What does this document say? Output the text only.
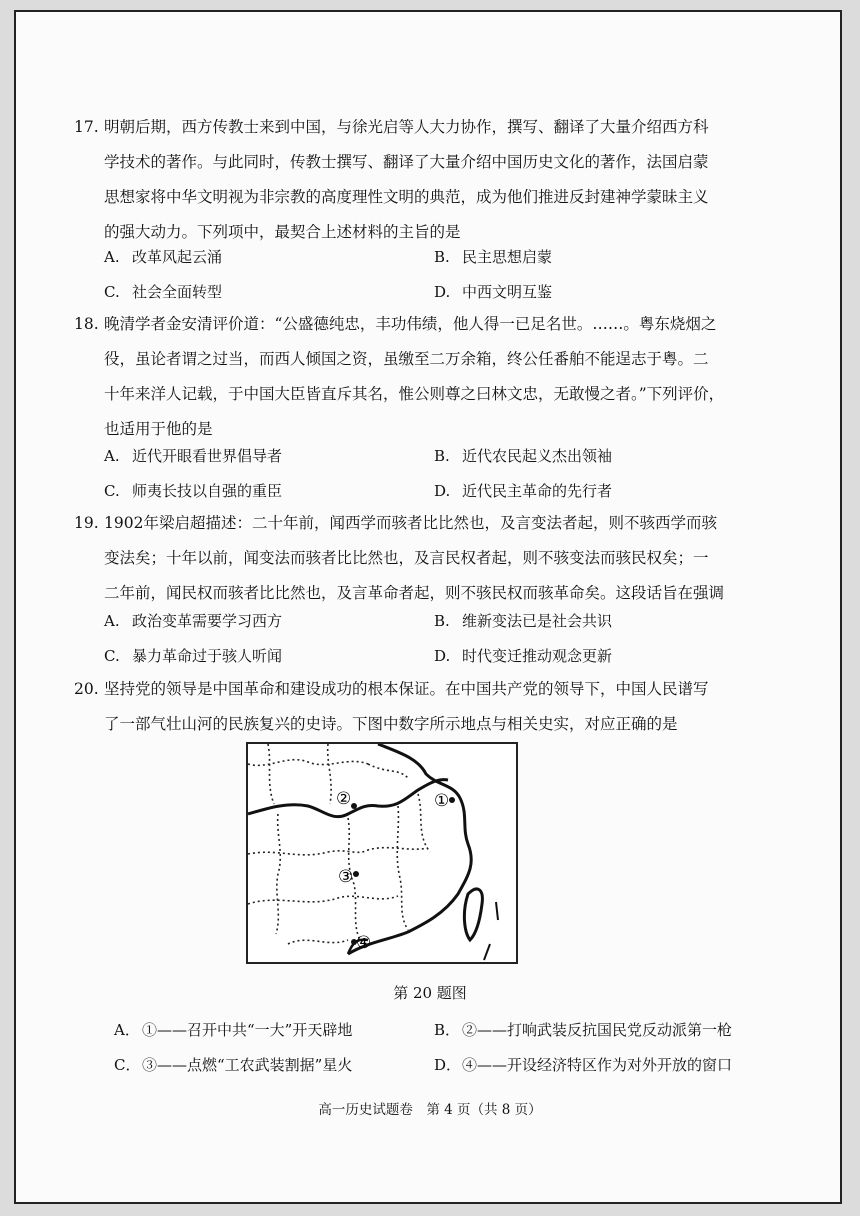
17. 明朝后期，西方传教士来到中国，与徐光启等人大力协作，撰写、翻译了大量介绍西方科
学技术的著作。与此同时，传教士撰写、翻译了大量介绍中国历史文化的著作，法国启蒙
思想家将中华文明视为非宗教的高度理性文明的典范，成为他们推进反封建神学蒙昧主义
的强大动力。下列项中，最契合上述材料的主旨的是
A. 改革风起云涌	B. 民主思想启蒙
C. 社会全面转型	D. 中西文明互鉴
18. 晚清学者金安清评价道：“公盛德纯忠，丰功伟绩，他人得一已足名世。……。粤东烧烟之
役，虽论者谓之过当，而西人倾国之资，虽缴至二万余箱，终公任番舶不能逞志于粤。二
十年来洋人记载，于中国大臣皆直斥其名，惟公则尊之曰林文忠，无敢慢之者。”下列评价，
也适用于他的是
A. 近代开眼看世界倡导者	B. 近代农民起义杰出领袖
C. 师夷长技以自强的重臣	D. 近代民主革命的先行者
19. 1902年梁启超描述：二十年前，闻西学而骇者比比然也，及言变法者起，则不骇西学而骇
变法矣；十年以前，闻变法而骇者比比然也，及言民权者起，则不骇变法而骇民权矣；一
二年前，闻民权而骇者比比然也，及言革命者起，则不骇民权而骇革命矣。这段话旨在强调
A. 政治变革需要学习西方	B. 维新变法已是社会共识
C. 暴力革命过于骇人听闻	D. 时代变迁推动观念更新
20. 坚持党的领导是中国革命和建设成功的根本保证。在中国共产党的领导下，中国人民谱写
了一部气壮山河的民族复兴的史诗。下图中数字所示地点与相关史实，对应正确的是
①
②
③
④
第 20 题图
A． ①——召开中共“一大”开天辟地	B． ②——打响武装反抗国民党反动派第一枪
C． ③——点燃“工农武装割据”星火	D．④——开设经济特区作为对外开放的窗口
高一历史试题卷　第 4 页（共 8 页）
